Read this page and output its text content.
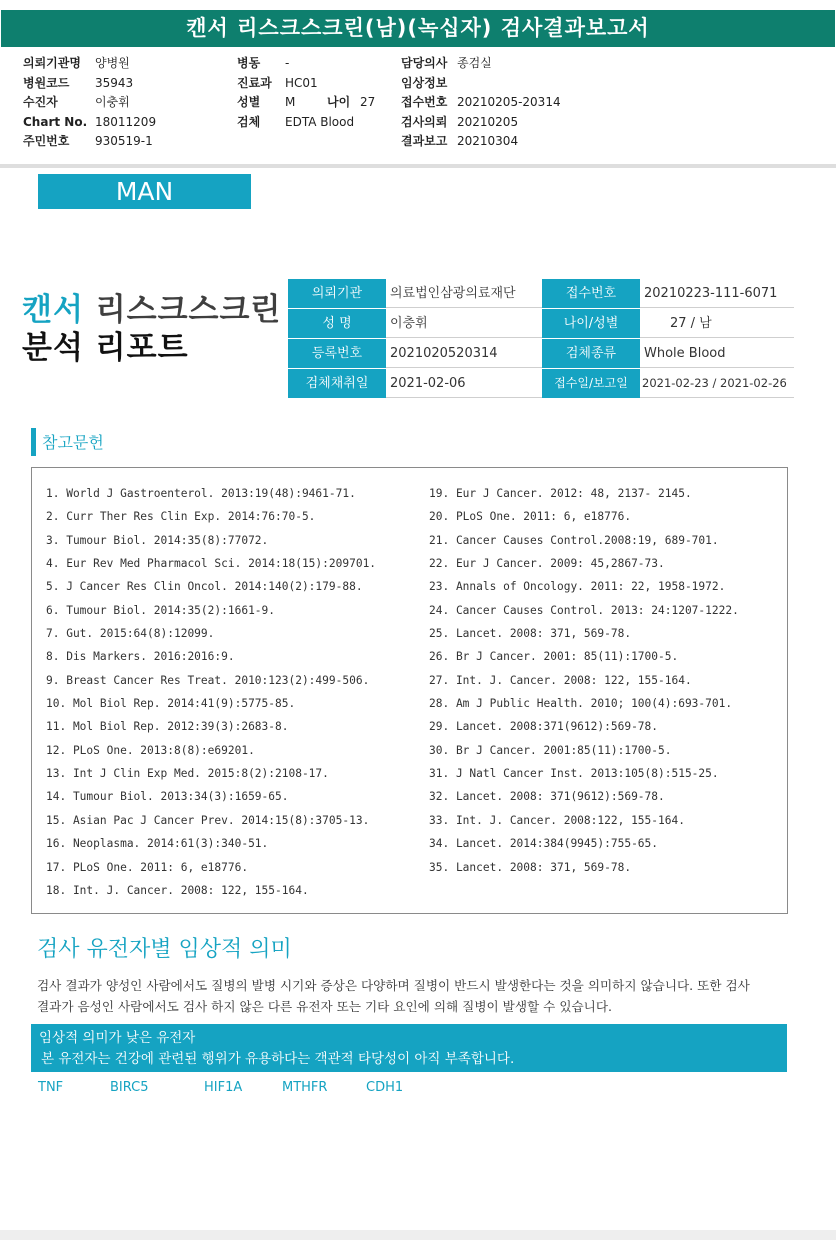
캔서 리스크스크린(남)(녹십자) 검사결과보고서
의뢰기관명 양병원
병원코드 35943
수진자	이충휘
Chart No. 18011209
주민번호 930519-1
병동 -
진료과 HC01
성별 M	나이 27
검체 EDTA Blood
담당의사 종검실
임상정보
접수번호 20210205-20314
검사의뢰 20210205
결과보고 20210304
MAN
캔서 리스크스크린
분석 리포트
의뢰기관	의료법인삼광의료재단	접수번호	20210223-111-6071
성 명	이충휘	나이/성별	27 / 남
등록번호	2021020520314	검체종류	Whole Blood
검체채취일	2021-02-06	접수일/보고일	2021-02-23 / 2021-02-26
참고문헌
1. World J Gastroenterol. 2013:19(48):9461-71.
2. Curr Ther Res Clin Exp. 2014:76:70-5.
3. Tumour Biol. 2014:35(8):77072.
4. Eur Rev Med Pharmacol Sci. 2014:18(15):209701.
5. J Cancer Res Clin Oncol. 2014:140(2):179-88.
6. Tumour Biol. 2014:35(2):1661-9.
7. Gut. 2015:64(8):12099.
8. Dis Markers. 2016:2016:9.
9. Breast Cancer Res Treat. 2010:123(2):499-506.
10. Mol Biol Rep. 2014:41(9):5775-85.
11. Mol Biol Rep. 2012:39(3):2683-8.
12. PLoS One. 2013:8(8):e69201.
13. Int J Clin Exp Med. 2015:8(2):2108-17.
14. Tumour Biol. 2013:34(3):1659-65.
15. Asian Pac J Cancer Prev. 2014:15(8):3705-13.
16. Neoplasma. 2014:61(3):340-51.
17. PLoS One. 2011: 6, e18776.
18. Int. J. Cancer. 2008: 122, 155-164.
19. Eur J Cancer. 2012: 48, 2137- 2145.
20. PLoS One. 2011: 6, e18776.
21. Cancer Causes Control.2008:19, 689-701.
22. Eur J Cancer. 2009: 45,2867-73.
23. Annals of Oncology. 2011: 22, 1958-1972.
24. Cancer Causes Control. 2013: 24:1207-1222.
25. Lancet. 2008: 371, 569-78.
26. Br J Cancer. 2001: 85(11):1700-5.
27. Int. J. Cancer. 2008: 122, 155-164.
28. Am J Public Health. 2010; 100(4):693-701.
29. Lancet. 2008:371(9612):569-78.
30. Br J Cancer. 2001:85(11):1700-5.
31. J Natl Cancer Inst. 2013:105(8):515-25.
32. Lancet. 2008: 371(9612):569-78.
33. Int. J. Cancer. 2008:122, 155-164.
34. Lancet. 2014:384(9945):755-65.
35. Lancet. 2008: 371, 569-78.
검사 유전자별 임상적 의미
검사 결과가 양성인 사람에서도 질병의 발병 시기와 증상은 다양하며 질병이 반드시 발생한다는 것을 의미하지 않습니다. 또한 검사
결과가 음성인 사람에서도 검사 하지 않은 다른 유전자 또는 기타 요인에 의해 질병이 발생할 수 있습니다.
임상적 의미가 낮은 유전자
본 유전자는 건강에 관련된 행위가 유용하다는 객관적 타당성이 아직 부족합니다.
TNF	BIRC5	HIF1A	MTHFR	CDH1
